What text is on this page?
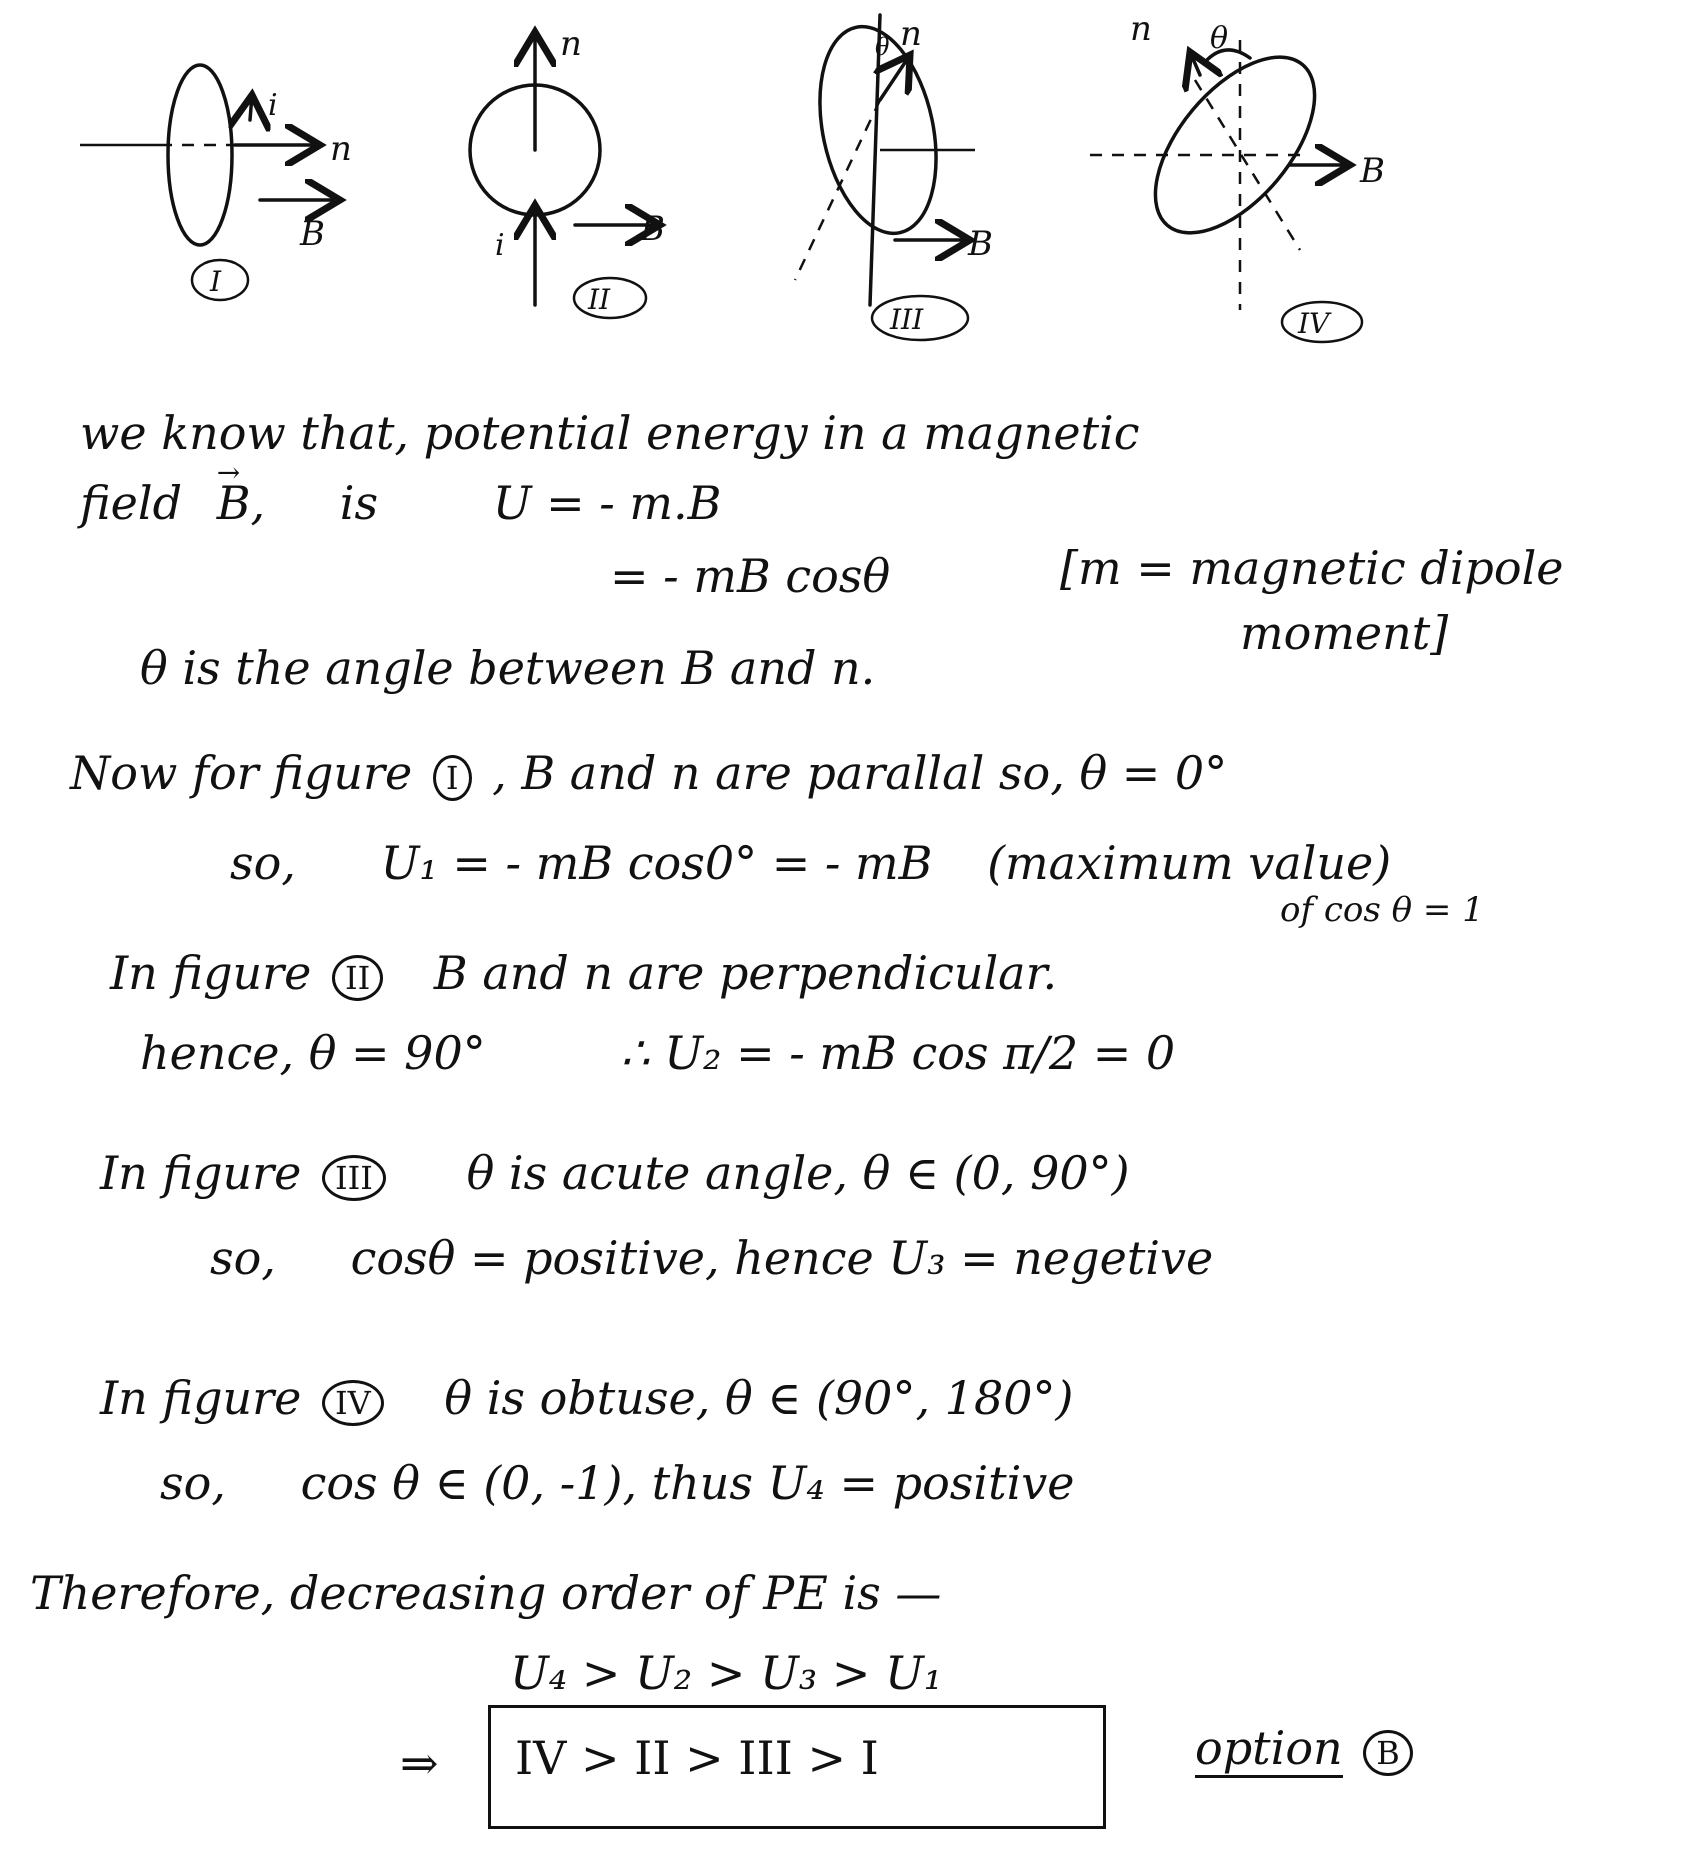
i
n
B
I
n
i	B
II
n
θ
B
III
n θ
B
IV
we know that, potential energy in a magnetic
field → B, is U = - m.B
= - mB cosθ	[m = magnetic dipole
moment]
θ is the angle between B and n.
Now for figure I , B and n are parallal so, θ = 0°
so, U₁ = - mB cos0° = - mB (maximum value)
of cos θ = 1
In figure II B and n are perpendicular.
hence, θ = 90°	∴ U₂ = - mB cos π/2 = 0
In figure III θ is acute angle, θ ∈ (0, 90°)
so, cosθ = positive, hence U₃ = negetive
In figure IV θ is obtuse, θ ∈ (90°, 180°)
so, cos θ ∈ (0, -1), thus U₄ = positive
Therefore, decreasing order of PE is —
U₄ > U₂ > U₃ > U₁
⇒ IV > II > III > I	option B
